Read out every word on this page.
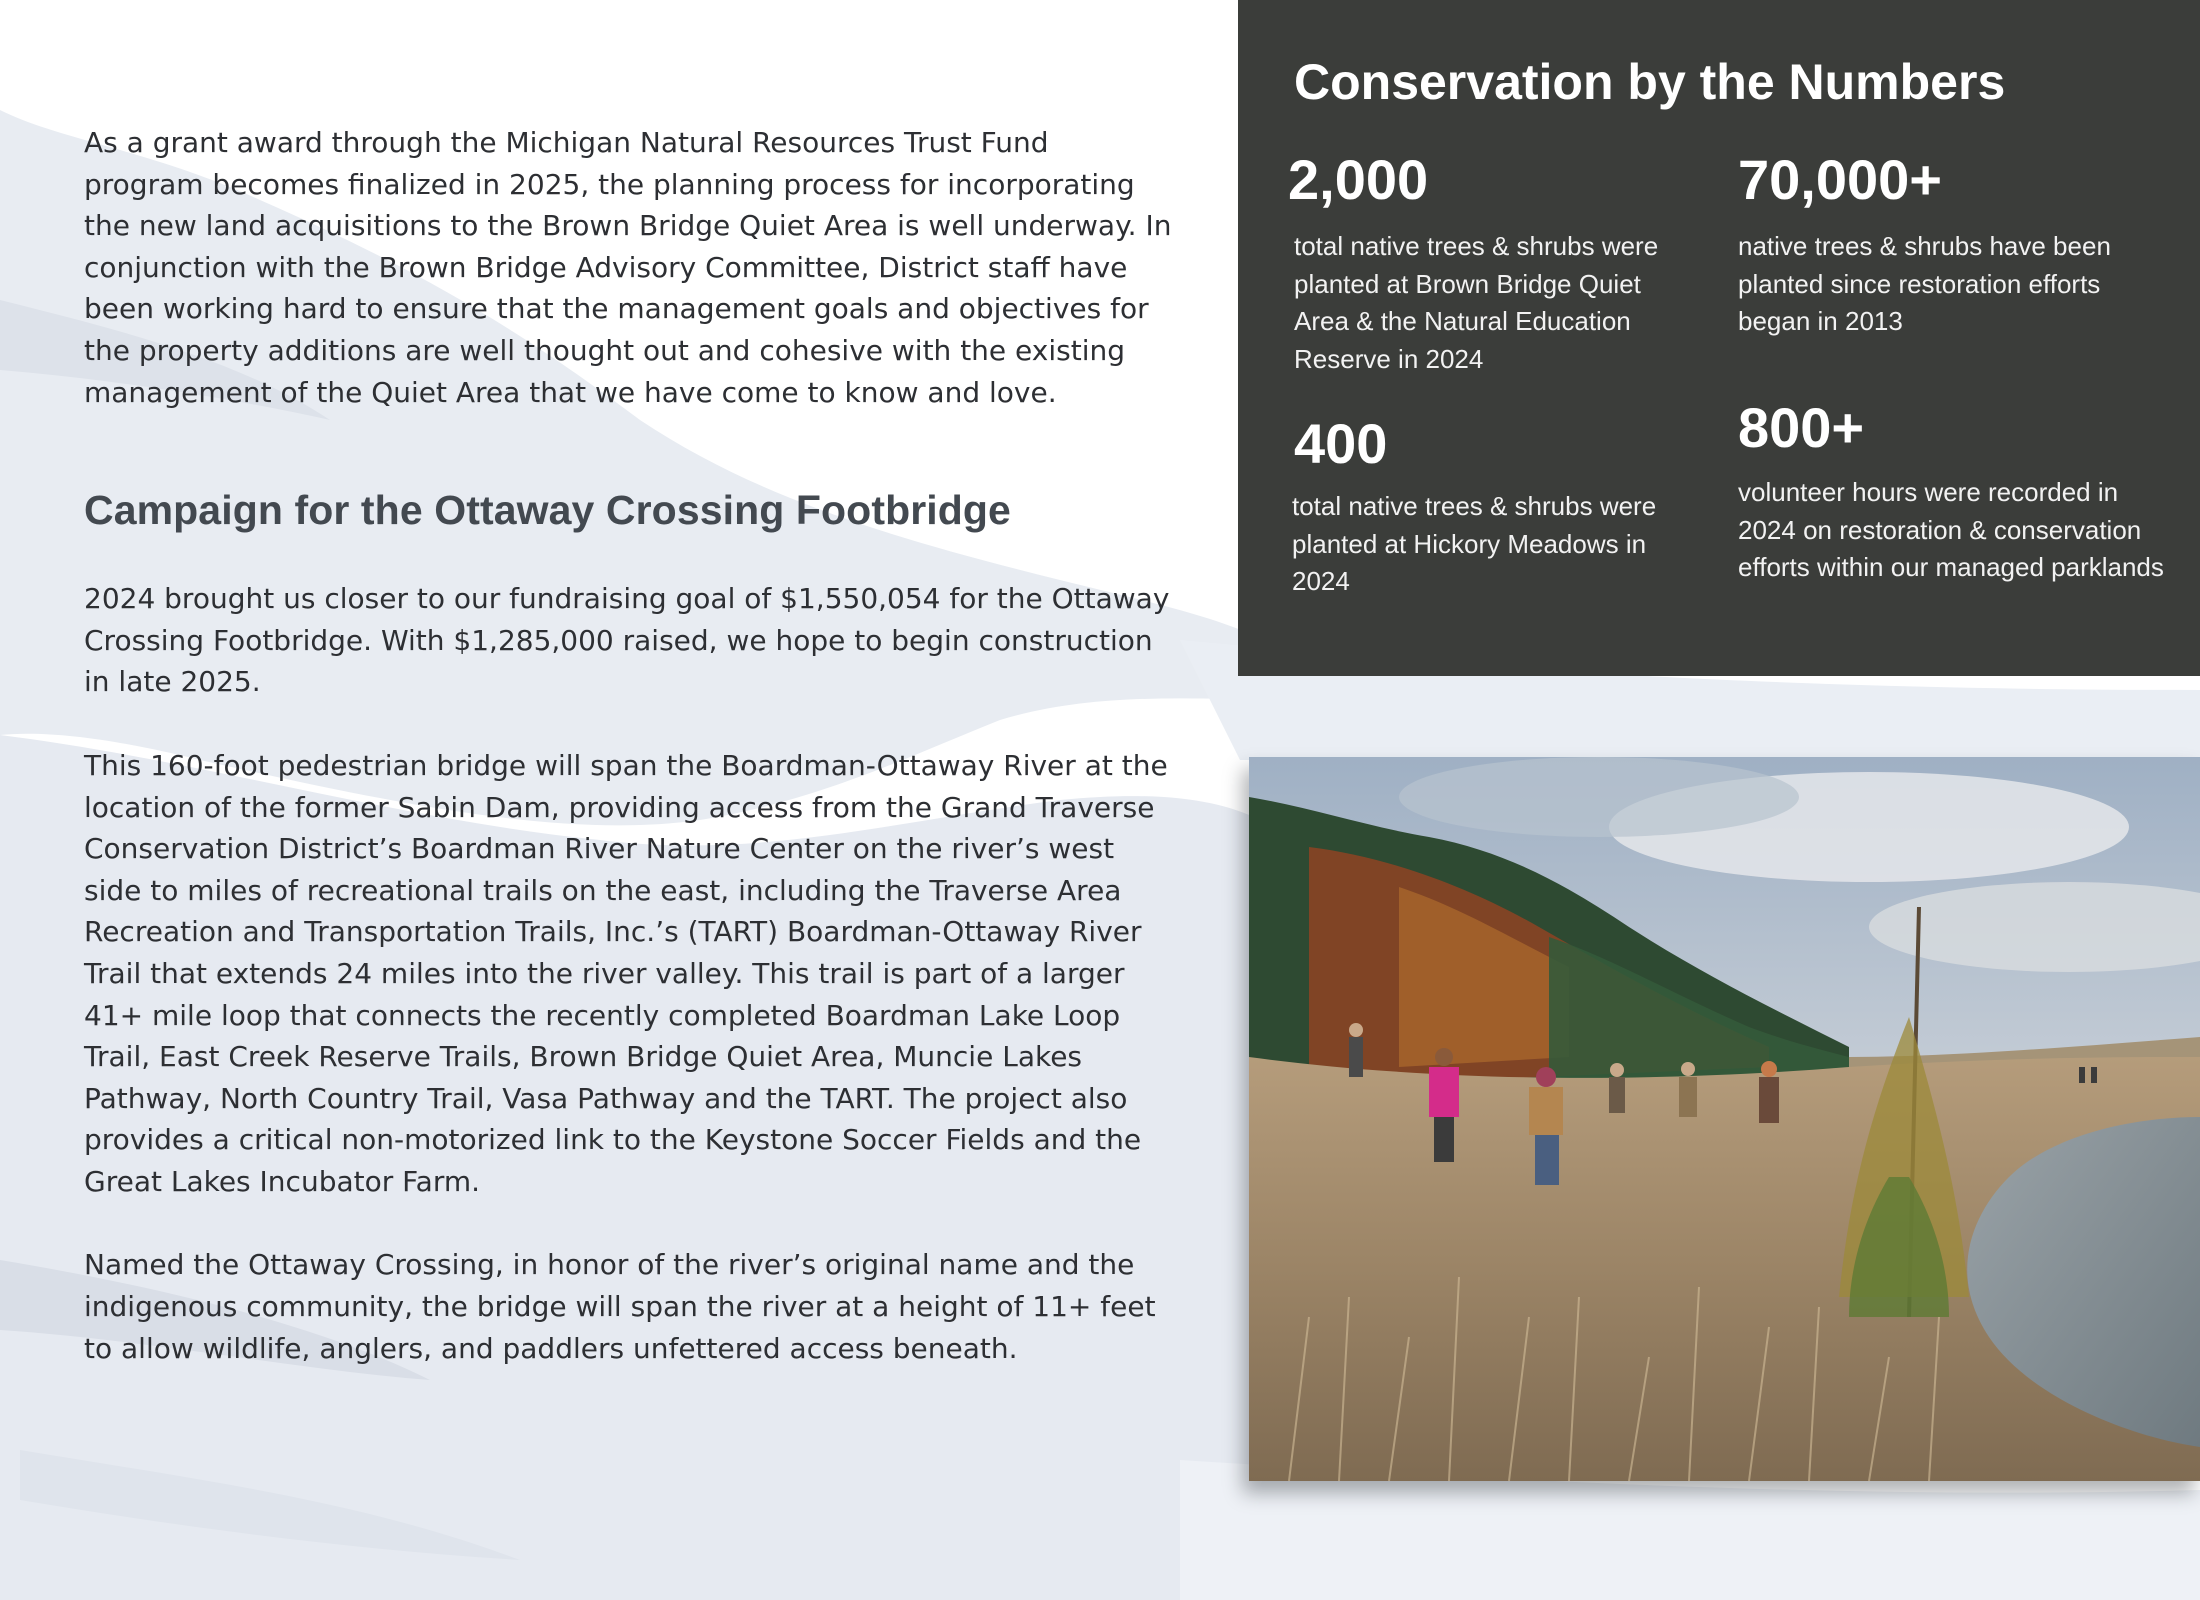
As a grant award through the Michigan Natural Resources Trust Fund program becomes finalized in 2025, the planning process for incorporating the new land acquisitions to the Brown Bridge Quiet Area is well underway. In conjunction with the Brown Bridge Advisory Committee, District staff have been working hard to ensure that the management goals and objectives for the property additions are well thought out and cohesive with the existing management of the Quiet Area that we have come to know and love.

Campaign for the Ottaway Crossing Footbridge

2024 brought us closer to our fundraising goal of $1,550,054 for the Ottaway Crossing Footbridge. With $1,285,000 raised, we hope to begin construction in late 2025.

This 160-foot pedestrian bridge will span the Boardman-Ottaway River at the location of the former Sabin Dam, providing access from the Grand Traverse Conservation District’s Boardman River Nature Center on the river’s west side to miles of recreational trails on the east, including the Traverse Area Recreation and Transportation Trails, Inc.’s (TART) Boardman-Ottaway River Trail that extends 24 miles into the river valley. This trail is part of a larger 41+ mile loop that connects the recently completed Boardman Lake Loop Trail, East Creek Reserve Trails, Brown Bridge Quiet Area, Muncie Lakes Pathway, North Country Trail, Vasa Pathway and the TART. The project also provides a critical non-motorized link to the Keystone Soccer Fields and the Great Lakes Incubator Farm.

Named the Ottaway Crossing, in honor of the river’s original name and the indigenous community, the bridge will span the river at a height of 11+ feet to allow wildlife, anglers, and paddlers unfettered access beneath.

Conservation by the Numbers
2,000
total native trees & shrubs were planted at Brown Bridge Quiet Area & the Natural Education Reserve in 2024
70,000+
native trees & shrubs have been planted since restoration efforts began in 2013
400
total native trees & shrubs were planted at Hickory Meadows in 2024
800+
volunteer hours were recorded in 2024 on restoration & conservation efforts within our managed parklands
